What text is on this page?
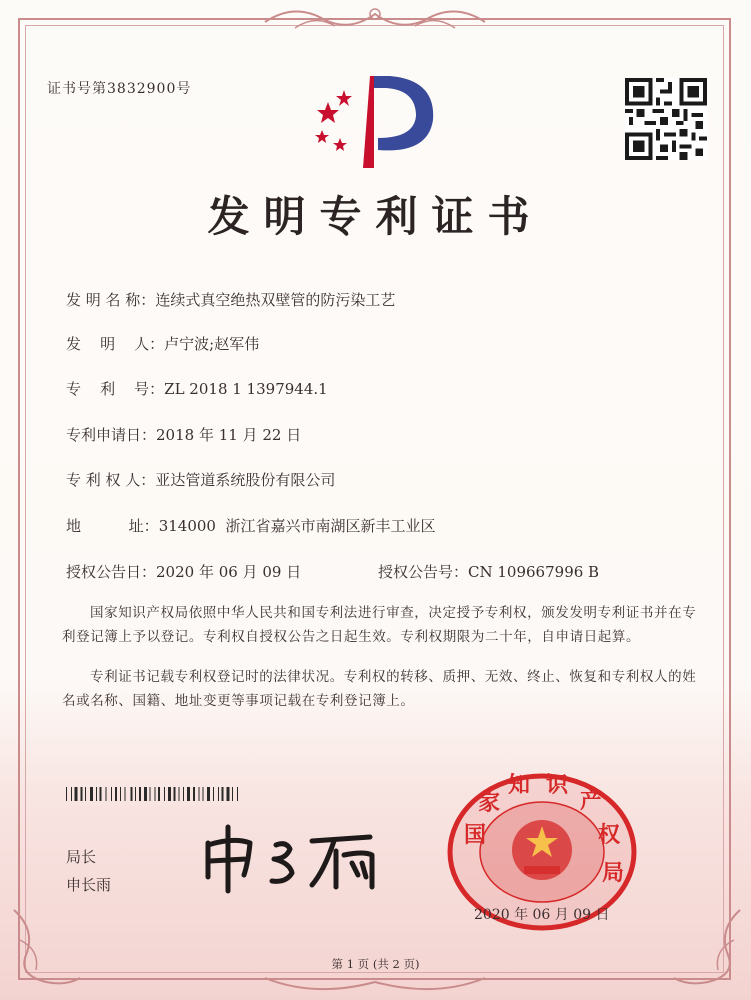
证书号第3832900号
发明专利证书
发 明 名 称：连续式真空绝热双壁管的防污染工艺
发    明    人：卢宁波;赵军伟
专    利    号：ZL 2018 1 1397944.1
专利申请日：2018 年 11 月 22 日
专 利 权 人：亚达管道系统股份有限公司
地          址：314000  浙江省嘉兴市南湖区新丰工业区
授权公告日：2020 年 06 月 09 日	授权公告号：CN 109667996 B
国家知识产权局依照中华人民共和国专利法进行审查，决定授予专利权，颁发发明专利证书并在专利登记簿上予以登记。专利权自授权公告之日起生效。专利权期限为二十年，自申请日起算。
专利证书记载专利权登记时的法律状况。专利权的转移、质押、无效、终止、恢复和专利权人的姓名或名称、国籍、地址变更等事项记载在专利登记簿上。
局长
申长雨
国
家
知 识
产
权
局
2020 年 06 月 09 日
第 1 页 (共 2 页)
